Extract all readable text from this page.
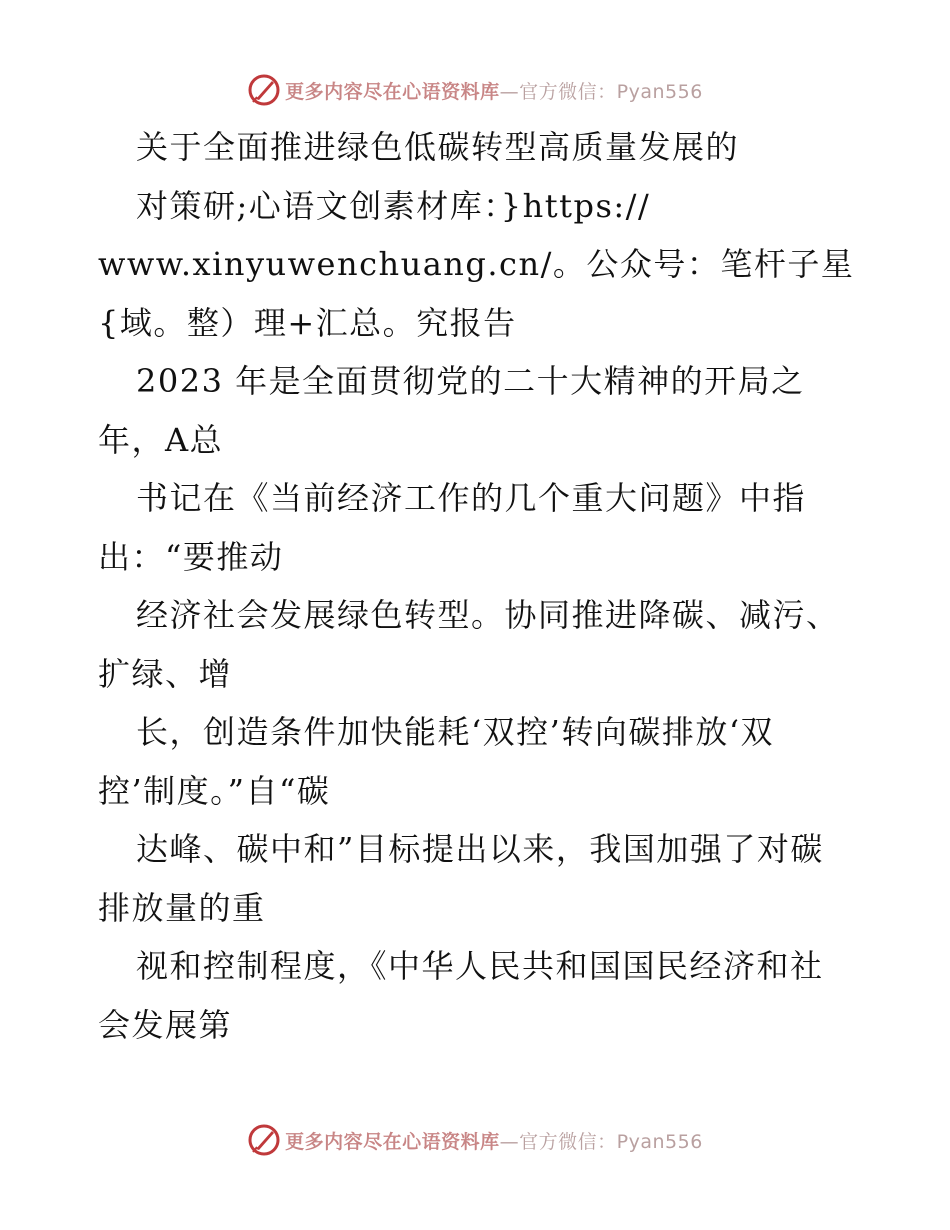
更多内容尽在心语资料库—官方微信：Pyan556
关于全面推进绿色低碳转型高质量发展的
对策研;心语文创素材库：}https://
www.xinyuwenchuang.cn/。公众号：笔杆子星
{域。整）理+汇总。究报告
2023 年是全面贯彻党的二十大精神的开局之
年，A总
书记在《当前经济工作的几个重大问题》中指
出：“要推动
经济社会发展绿色转型。协同推进降碳、减污、
扩绿、增
长，创造条件加快能耗‘双控’转向碳排放‘双
控’制度。”自“碳
达峰、碳中和”目标提出以来，我国加强了对碳
排放量的重
视和控制程度，《中华人民共和国国民经济和社
会发展第
更多内容尽在心语资料库—官方微信：Pyan556
